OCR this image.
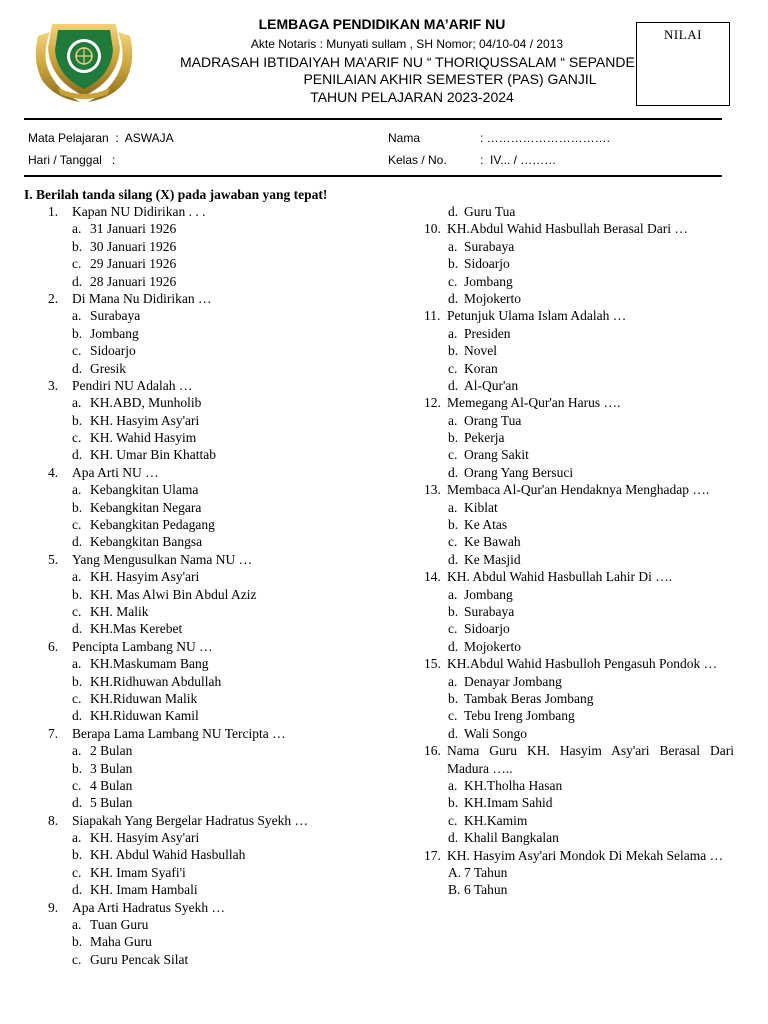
LEMBAGA PENDIDIKAN MA’ARIF NU
Akte Notaris : Munyati sullam , SH Nomor; 04/10-04 / 2013
MADRASAH IBTIDAIYAH MA’ARIF NU “ THORIQUSSALAM “ SEPANDE
PENILAIAN AKHIR SEMESTER (PAS) GANJIL
TAHUN PELAJARAN 2023-2024
NILAI
Mata Pelajaran  :  ASWAJA
Hari / Tanggal   :
Nama	: ………………………….
Kelas / No.	:  IV... / ………
I. Berilah tanda silang (X) pada jawaban yang tepat!
1. Kapan NU Didirikan . . .
a. 31 Januari 1926
b. 30 Januari 1926
c. 29 Januari 1926
d. 28 Januari 1926
2. Di Mana Nu Didirikan …
a. Surabaya
b. Jombang
c. Sidoarjo
d. Gresik
3. Pendiri NU Adalah …
a. KH.ABD, Munholib
b. KH. Hasyim Asy'ari
c. KH. Wahid Hasyim
d. KH. Umar Bin Khattab
4. Apa Arti NU …
a. Kebangkitan Ulama
b. Kebangkitan Negara
c. Kebangkitan Pedagang
d. Kebangkitan Bangsa
5. Yang Mengusulkan Nama NU …
a. KH. Hasyim Asy'ari
b. KH. Mas Alwi Bin Abdul Aziz
c. KH. Malik
d. KH.Mas Kerebet
6. Pencipta Lambang NU …
a. KH.Maskumam Bang
b. KH.Ridhuwan Abdullah
c. KH.Riduwan Malik
d. KH.Riduwan Kamil
7. Berapa Lama Lambang NU Tercipta …
a. 2 Bulan
b. 3 Bulan
c. 4 Bulan
d. 5 Bulan
8. Siapakah Yang Bergelar Hadratus Syekh …
a. KH. Hasyim Asy'ari
b. KH. Abdul Wahid Hasbullah
c. KH. Imam Syafi'i
d. KH. Imam Hambali
9. Apa Arti Hadratus Syekh …
a. Tuan Guru
b. Maha Guru
c. Guru Pencak Silat
d. Guru Tua
10. KH.Abdul Wahid Hasbullah Berasal Dari …
a. Surabaya
b. Sidoarjo
c. Jombang
d. Mojokerto
11. Petunjuk Ulama Islam Adalah …
a. Presiden
b. Novel
c. Koran
d. Al-Qur'an
12. Memegang Al-Qur'an Harus ….
a. Orang Tua
b. Pekerja
c. Orang Sakit
d. Orang Yang Bersuci
13. Membaca Al-Qur'an Hendaknya Menghadap ….
a. Kiblat
b. Ke Atas
c. Ke Bawah
d. Ke Masjid
14. KH. Abdul Wahid Hasbullah Lahir Di ….
a. Jombang
b. Surabaya
c. Sidoarjo
d. Mojokerto
15. KH.Abdul Wahid Hasbulloh Pengasuh Pondok …
a. Denayar Jombang
b. Tambak Beras Jombang
c. Tebu Ireng Jombang
d. Wali Songo
16. Nama Guru KH. Hasyim Asy'ari Berasal Dari Madura …..
a. KH.Tholha Hasan
b. KH.Imam Sahid
c. KH.Kamim
d. Khalil Bangkalan
17. KH. Hasyim Asy'ari Mondok Di Mekah Selama …
A. 7 Tahun
B. 6 Tahun
